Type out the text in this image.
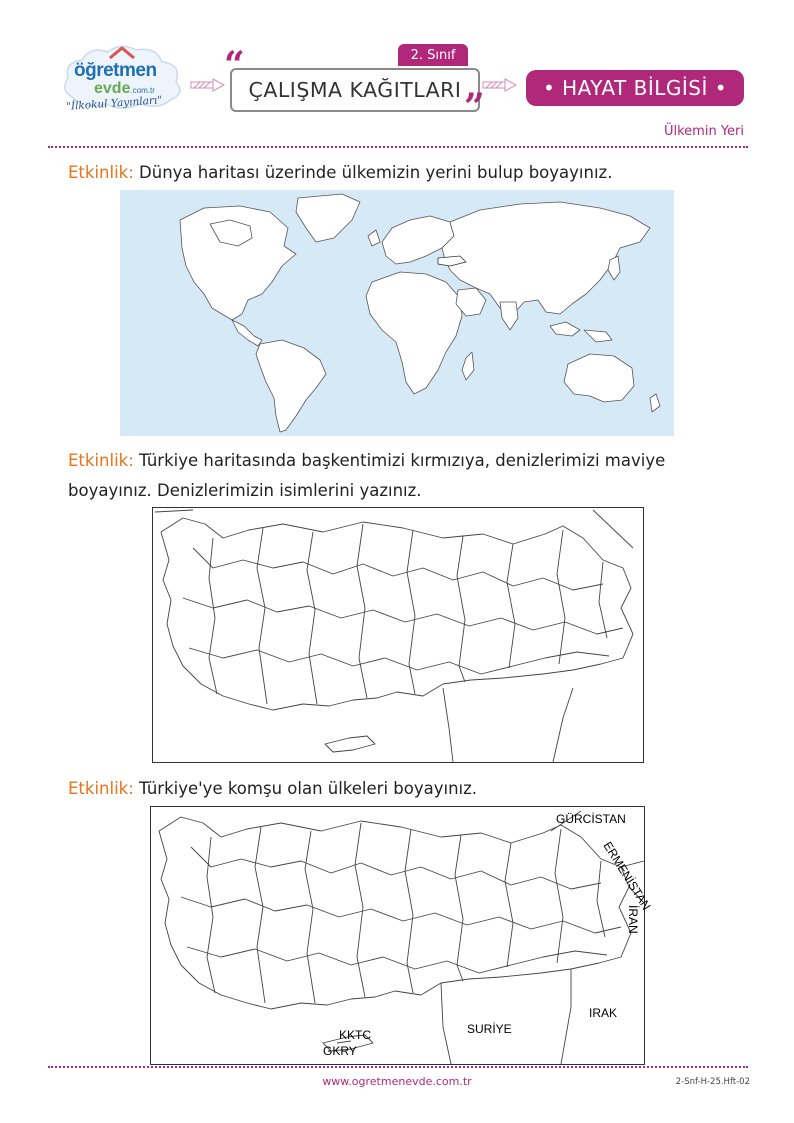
öğretmen
evde.com.tr
"İlkokul Yayınları"
“
ÇALIŞMA KAĞITLARI ”
2. Sınıf
• HAYAT BİLGİSİ •
Ülkemin Yeri
Etkinlik: Dünya haritası üzerinde ülkemizin yerini bulup boyayınız.
Etkinlik: Türkiye haritasında başkentimizi kırmızıya, denizlerimizi maviye boyayınız. Denizlerimizin isimlerini yazınız.
Etkinlik: Türkiye'ye komşu olan ülkeleri boyayınız.
GÜRCİSTAN
ERMENİSTAN
İRAN
IRAK
SURİYE
KKTC
GKRY
www.ogretmenevde.com.tr	2-Snf-H-25.Hft-02
